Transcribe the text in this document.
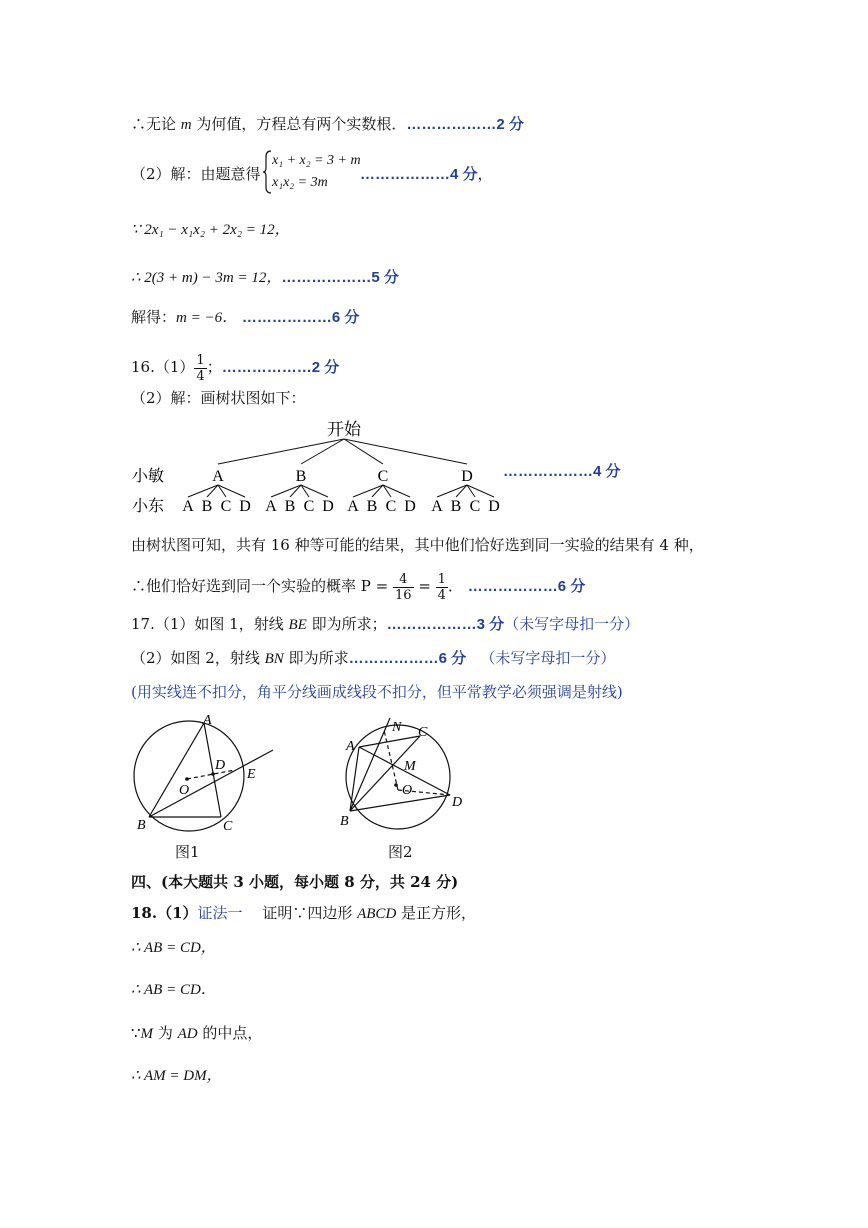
∴无论 m 为何值，方程总有两个实数根．………………2 分
（2）解：由题意得
x₁ + x₂ = 3 + m
x₁x₂ = 3m	………………4 分，
∵ 2x₁ − x₁x₂ + 2x₂ = 12，
∴ 2(3 + m) − 3m = 12，………………5 分
解得：m = −6． ………………6 分
$16.(1) \frac{1}{4}$ ；………………2 分
（2）解：画树状图如下：
开始
小敏
小东
A	B	C	D
A B C D A B C D A B C D A B C D
………………4 分
由树状图可知，共有 16 种等可能的结果，其中他们恰好选到同一实验的结果有 4 种，
∴他们恰好选到同一个实验的概率 $P = \frac{4}{16} = \frac{1}{4}$ ． ………………6 分
17.（1）如图 1，射线 BE 即为所求；………………3 分（未写字母扣一分）
（2）如图 2，射线 BN 即为所求………………6 分 （未写字母扣一分）
(用实线连不扣分，角平分线画成线段不扣分，但平常教学必须强调是射线)
A
B	C
D
E
O
图1
N
A
C
M
O
D
B
图2
四、(本大题共 3 小题，每小题 8 分，共 24 分)
18.（1）证法一　 证明∵四边形 ABCD 是正方形，
∴ AB = CD，
∴ AB = CD．
∵M 为 AD 的中点，
∴ AM = DM，
